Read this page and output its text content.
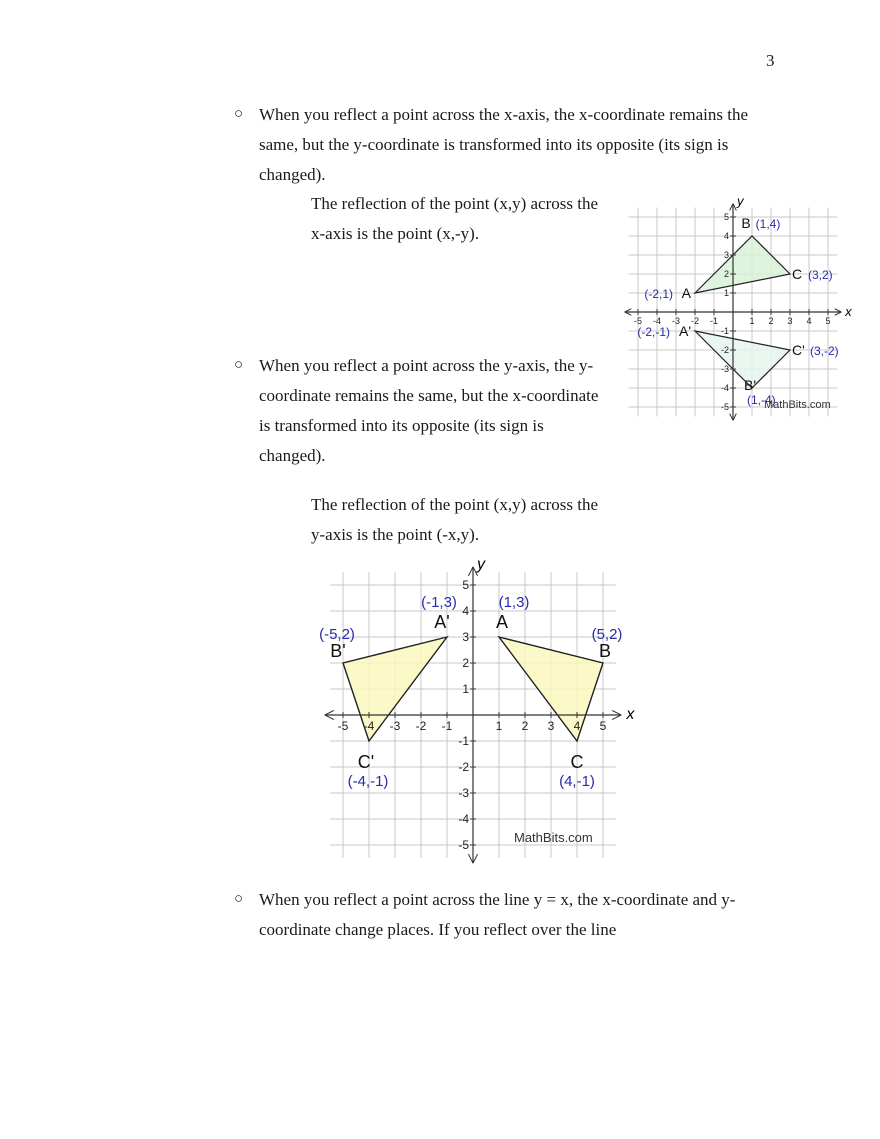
3
○ When you reflect a point across the x-axis, the x-coordinate remains the same, but the y-coordinate is transformed into its opposite (its sign is changed).
The reflection of the point (x,y) across the x-axis is the point (x,-y).
○ When you reflect a point across the y-axis, the y-coordinate remains the same, but the x-coordinate is transformed into its opposite (its sign is changed).
The reflection of the point (x,y) across the y-axis is the point (-x,y).
○ When you reflect a point across the line y = x, the x-coordinate and y-coordinate change places. If you reflect over the line
x
y
-5 -4 -3 -2 -1	1 2 3 4 5
5
4
3
2
1
-1
-2
-3
-4
-5
A
(-2,1)
B (1,4)
C (3,2)
A'
(-2,-1)
B'
(1,-4)
C' (3,-2)
MathBits.com
x
y
-5 -4 -3 -2 -1	1 2 3 4 5
5
4
3
2
1
-1
-2
-3
-4
-5
A
(1,3)
B
(5,2)
C
(4,-1)
A'
(-1,3)
B'
(-5,2)
C'
(-4,-1)
MathBits.com
